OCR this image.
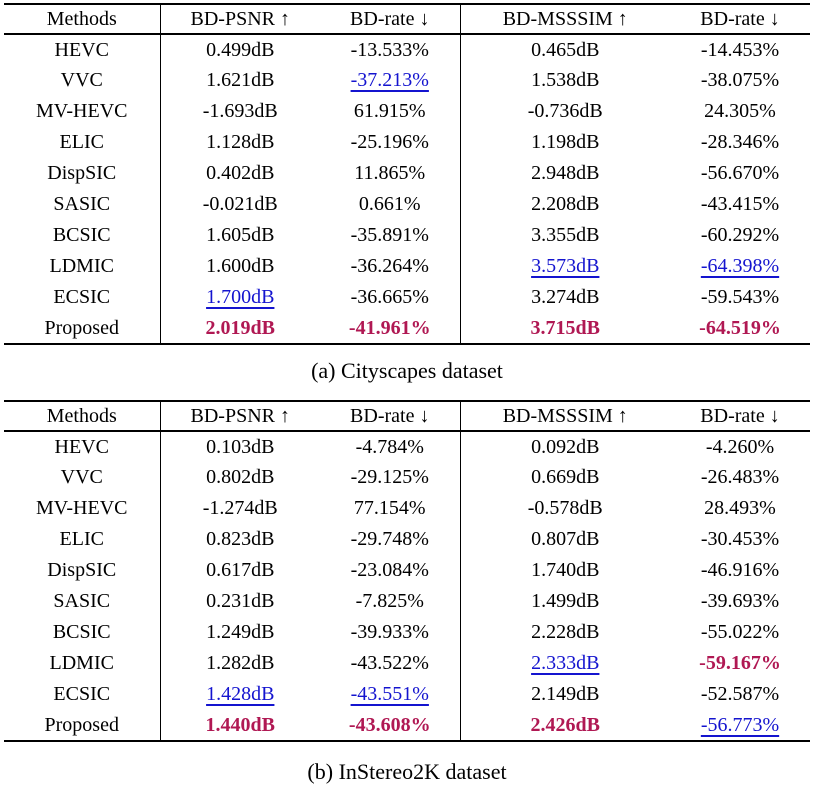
Methods	BD-PSNR ↑	BD-rate ↓	BD-MSSSIM ↑	BD-rate ↓
HEVC	0.499dB	-13.533%	0.465dB	-14.453%
VVC	1.621dB	-37.213%	1.538dB	-38.075%
MV-HEVC	-1.693dB	61.915%	-0.736dB	24.305%
ELIC	1.128dB	-25.196%	1.198dB	-28.346%
DispSIC	0.402dB	11.865%	2.948dB	-56.670%
SASIC	-0.021dB	0.661%	2.208dB	-43.415%
BCSIC	1.605dB	-35.891%	3.355dB	-60.292%
LDMIC	1.600dB	-36.264%	3.573dB	-64.398%
ECSIC	1.700dB	-36.665%	3.274dB	-59.543%
Proposed	2.019dB	-41.961%	3.715dB	-64.519%
(a) Cityscapes dataset
Methods	BD-PSNR ↑	BD-rate ↓	BD-MSSSIM ↑	BD-rate ↓
HEVC	0.103dB	-4.784%	0.092dB	-4.260%
VVC	0.802dB	-29.125%	0.669dB	-26.483%
MV-HEVC	-1.274dB	77.154%	-0.578dB	28.493%
ELIC	0.823dB	-29.748%	0.807dB	-30.453%
DispSIC	0.617dB	-23.084%	1.740dB	-46.916%
SASIC	0.231dB	-7.825%	1.499dB	-39.693%
BCSIC	1.249dB	-39.933%	2.228dB	-55.022%
LDMIC	1.282dB	-43.522%	2.333dB	-59.167%
ECSIC	1.428dB	-43.551%	2.149dB	-52.587%
Proposed	1.440dB	-43.608%	2.426dB	-56.773%
(b) InStereo2K dataset
